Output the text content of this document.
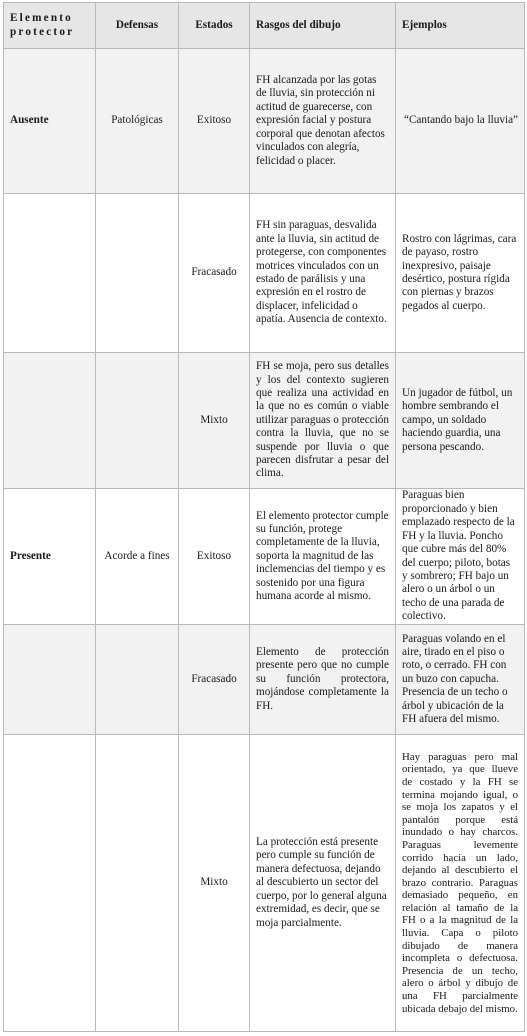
Elemento protector	Defensas	Estados	Rasgos del dibujo	Ejemplos
Ausente	Patológicas	Exitoso	FH alcanzada por las gotas de lluvia, sin protección ni actitud de guarecerse, con expresión facial y postura corporal que denotan afectos vinculados con alegría, felicidad o placer.	“Cantando bajo la lluvia”
		Fracasado	FH sin paraguas, desvalida ante la lluvia, sin actitud de protegerse, con componentes motrices vinculados con un estado de parálisis y una expresión en el rostro de displacer, infelicidad o apatía. Ausencia de contexto.	Rostro con lágrimas, cara de payaso, rostro inexpresivo, paisaje desértico, postura rígida con piernas y brazos pegados al cuerpo.
		Mixto	FH se moja, pero sus detalles y los del contexto sugieren que realiza una actividad en la que no es común o viable utilizar paraguas o protección contra la lluvia, que no se suspende por lluvia o que parecen disfrutar a pesar del clima.	Un jugador de fútbol, un hombre sembrando el campo, un soldado haciendo guardia, una persona pescando.
Presente	Acorde a fines	Exitoso	El elemento protector cumple su función, protege completamente de la lluvia, soporta la magnitud de las inclemencias del tiempo y es sostenido por una figura humana acorde al mismo.	Paraguas bien proporcionado y bien emplazado respecto de la FH y la lluvia. Poncho que cubre más del 80% del cuerpo; piloto, botas y sombrero; FH bajo un alero o un árbol o un techo de una parada de colectivo.
		Fracasado	Elemento de protección presente pero que no cumple su función protectora, mojándose completamente la FH.	Paraguas volando en el aire, tirado en el piso o roto, o cerrado. FH con un buzo con capucha. Presencia de un techo o árbol y ubicación de la FH afuera del mismo.
		Mixto	La protección está presente pero cumple su función de manera defectuosa, dejando al descubierto un sector del cuerpo, por lo general alguna extremidad, es decir, que se moja parcialmente.	Hay paraguas pero mal orientado, ya que llueve de costado y la FH se termina mojando igual, o se moja los zapatos y el pantalón porque está inundado o hay charcos. Paraguas levemente corrido hacia un lado, dejando al descubierto el brazo contrario. Paraguas demasiado pequeño, en relación al tamaño de la FH o a la magnitud de la lluvia. Capa o piloto dibujado de manera incompleta o defectuosa. Presencia de un techo, alero o árbol y dibujo de una FH parcialmente ubicada debajo del mismo.
